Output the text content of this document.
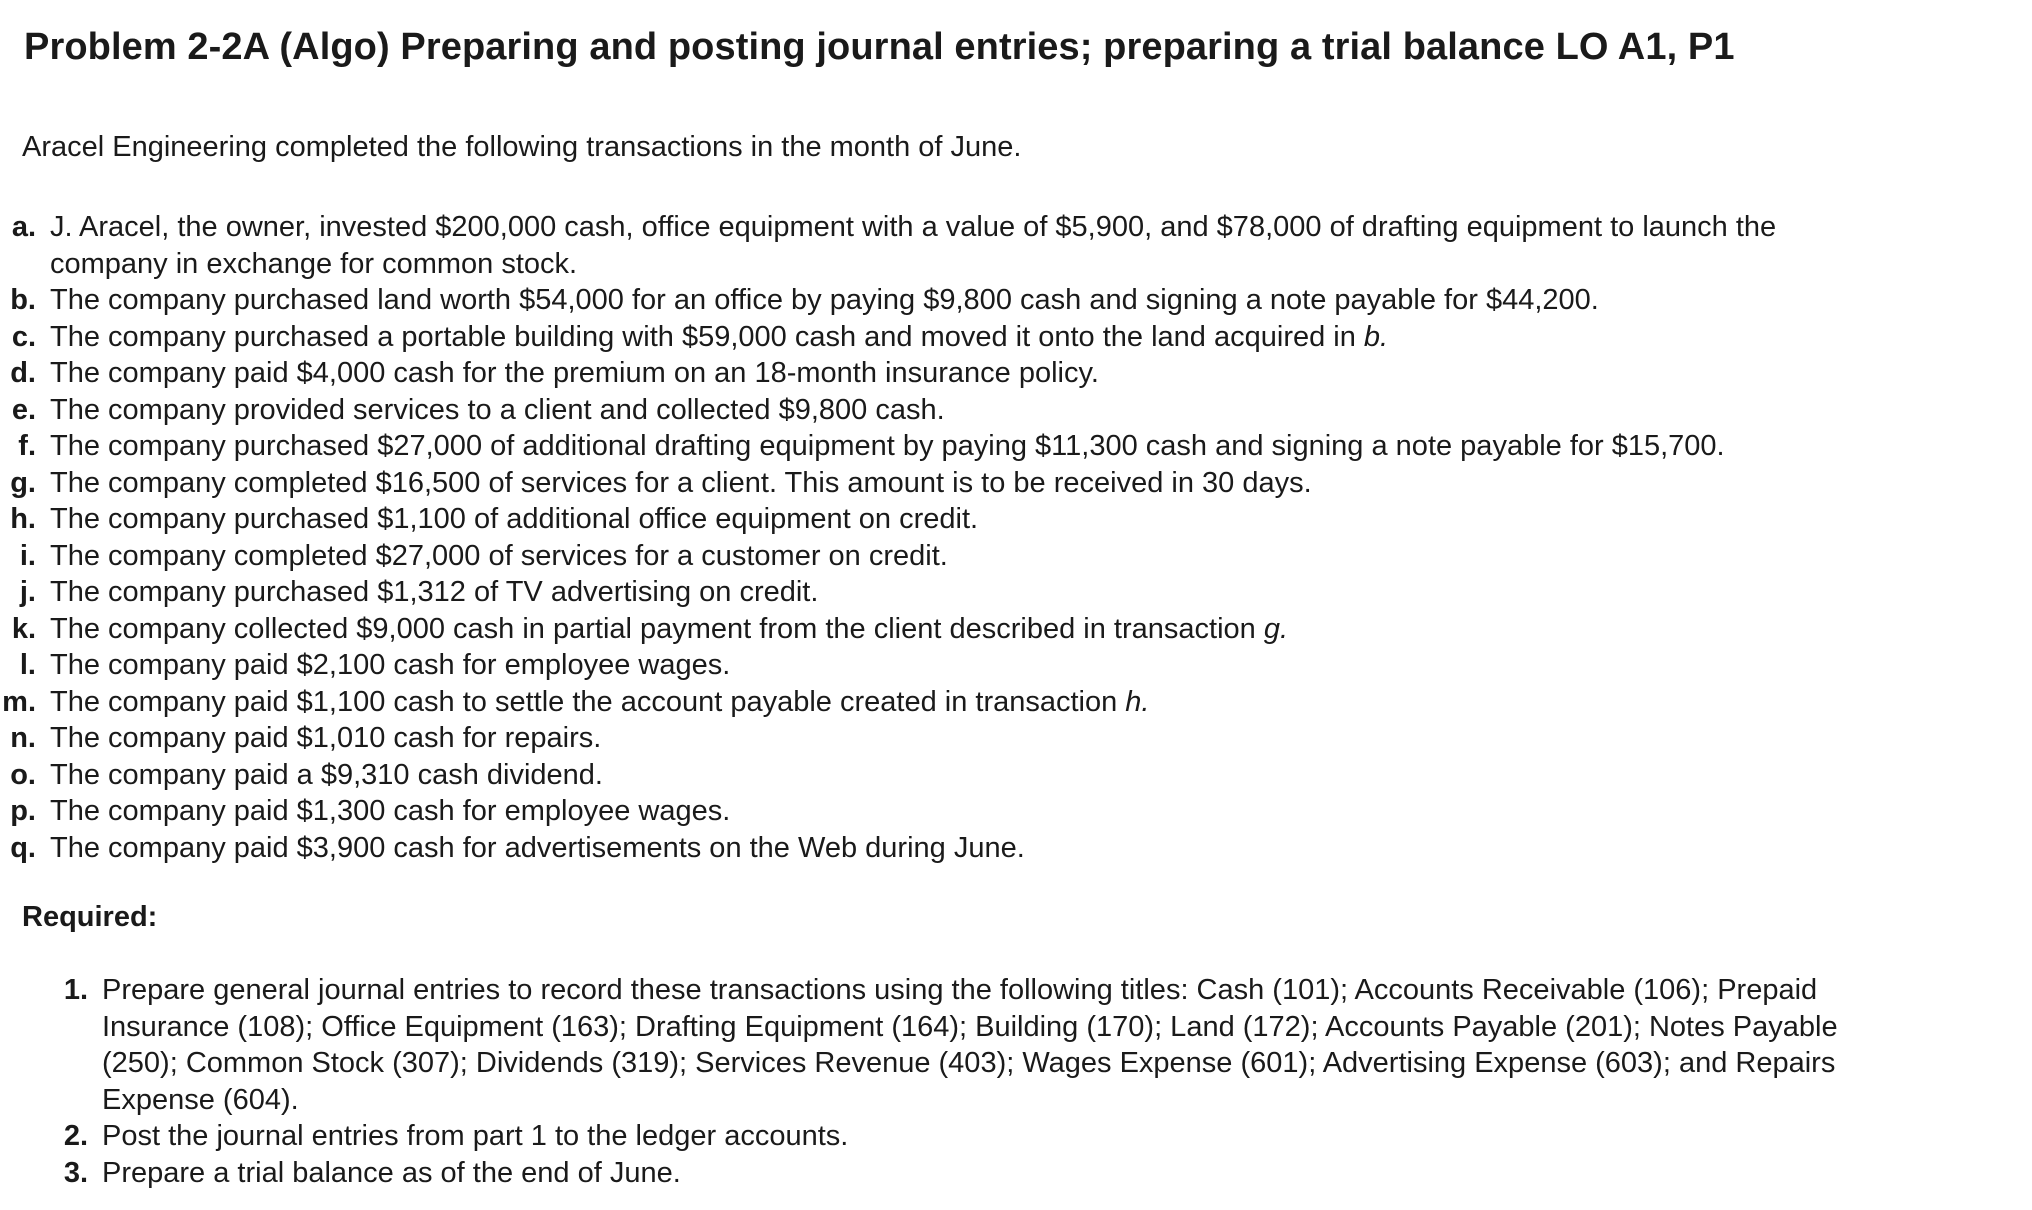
Problem 2-2A (Algo) Preparing and posting journal entries; preparing a trial balance LO A1, P1

Aracel Engineering completed the following transactions in the month of June.

a. J. Aracel, the owner, invested $200,000 cash, office equipment with a value of $5,900, and $78,000 of drafting equipment to launch the company in exchange for common stock.
b. The company purchased land worth $54,000 for an office by paying $9,800 cash and signing a note payable for $44,200.
c. The company purchased a portable building with $59,000 cash and moved it onto the land acquired in b.
d. The company paid $4,000 cash for the premium on an 18-month insurance policy.
e. The company provided services to a client and collected $9,800 cash.
f. The company purchased $27,000 of additional drafting equipment by paying $11,300 cash and signing a note payable for $15,700.
g. The company completed $16,500 of services for a client. This amount is to be received in 30 days.
h. The company purchased $1,100 of additional office equipment on credit.
i. The company completed $27,000 of services for a customer on credit.
j. The company purchased $1,312 of TV advertising on credit.
k. The company collected $9,000 cash in partial payment from the client described in transaction g.
l. The company paid $2,100 cash for employee wages.
m. The company paid $1,100 cash to settle the account payable created in transaction h.
n. The company paid $1,010 cash for repairs.
o. The company paid a $9,310 cash dividend.
p. The company paid $1,300 cash for employee wages.
q. The company paid $3,900 cash for advertisements on the Web during June.
Required:
1. Prepare general journal entries to record these transactions using the following titles: Cash (101); Accounts Receivable (106); Prepaid Insurance (108); Office Equipment (163); Drafting Equipment (164); Building (170); Land (172); Accounts Payable (201); Notes Payable (250); Common Stock (307); Dividends (319); Services Revenue (403); Wages Expense (601); Advertising Expense (603); and Repairs Expense (604).
2. Post the journal entries from part 1 to the ledger accounts.
3. Prepare a trial balance as of the end of June.
